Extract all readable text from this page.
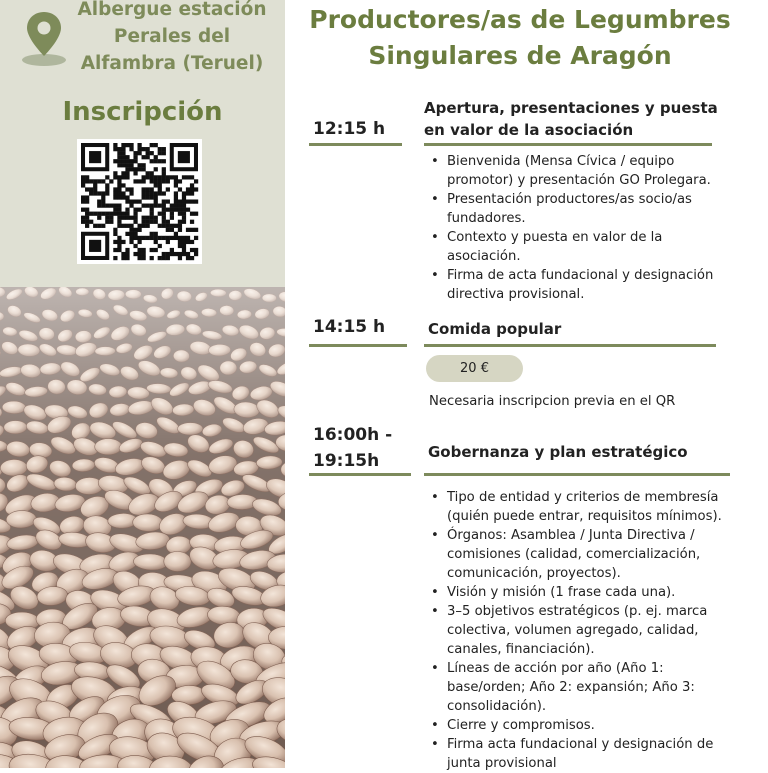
Albergue estación
Perales del
Alfambra (Teruel)
Inscripción
Productores/as de Legumbres
Singulares de Aragón
12:15 h
Apertura, presentaciones y puesta
en valor de la asociación
• Bienvenida (Mensa Cívica / equipo promotor) y presentación GO Prolegara.
• Presentación productores/as socio/as fundadores.
• Contexto y puesta en valor de la asociación.
• Firma de acta fundacional y designación directiva provisional.
14:15 h	Comida popular
20 €
Necesaria inscripcion previa en el QR
16:00h -
19:15h	Gobernanza y plan estratégico
• Tipo de entidad y criterios de membresía (quién puede entrar, requisitos mínimos).
• Órganos: Asamblea / Junta Directiva / comisiones (calidad, comercialización, comunicación, proyectos).
• Visión y misión (1 frase cada una).
• 3–5 objetivos estratégicos (p. ej. marca colectiva, volumen agregado, calidad, canales, financiación).
• Líneas de acción por año (Año 1: base/orden; Año 2: expansión; Año 3: consolidación).
• Cierre y compromisos.
• Firma acta fundacional y designación de junta provisional
